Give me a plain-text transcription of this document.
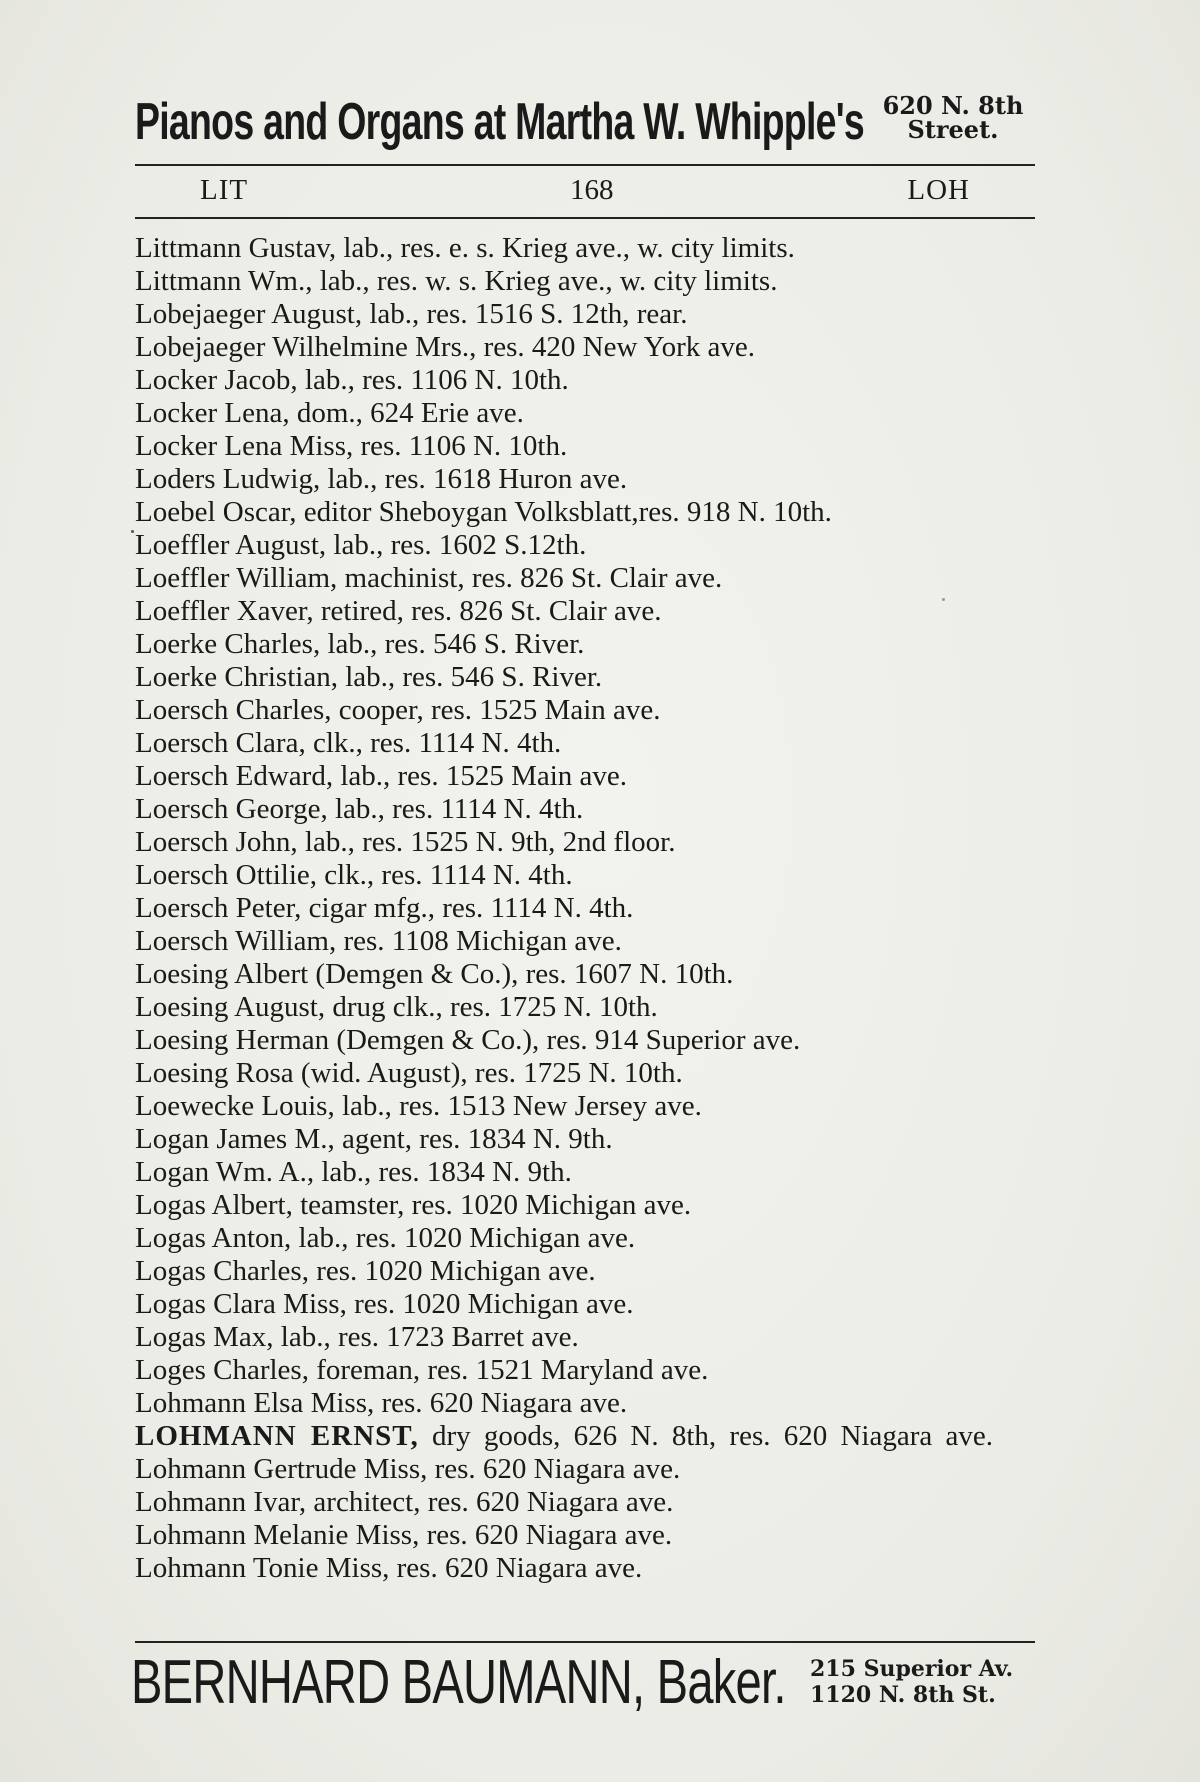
Pianos and Organs at Martha W. Whipple's 620 N. 8th
Street.
LIT	168	LOH
Littmann Gustav, lab., res. e. s. Krieg ave., w. city limits.
Littmann Wm., lab., res. w. s. Krieg ave., w. city limits.
Lobejaeger August, lab., res. 1516 S. 12th, rear.
Lobejaeger Wilhelmine Mrs., res. 420 New York ave.
Locker Jacob, lab., res. 1106 N. 10th.
Locker Lena, dom., 624 Erie ave.
Locker Lena Miss, res. 1106 N. 10th.
Loders Ludwig, lab., res. 1618 Huron ave.
Loebel Oscar, editor Sheboygan Volksblatt,res. 918 N. 10th.
Loeffler August, lab., res. 1602 S.12th.
Loeffler William, machinist, res. 826 St. Clair ave.
Loeffler Xaver, retired, res. 826 St. Clair ave.
Loerke Charles, lab., res. 546 S. River.
Loerke Christian, lab., res. 546 S. River.
Loersch Charles, cooper, res. 1525 Main ave.
Loersch Clara, clk., res. 1114 N. 4th.
Loersch Edward, lab., res. 1525 Main ave.
Loersch George, lab., res. 1114 N. 4th.
Loersch John, lab., res. 1525 N. 9th, 2nd floor.
Loersch Ottilie, clk., res. 1114 N. 4th.
Loersch Peter, cigar mfg., res. 1114 N. 4th.
Loersch William, res. 1108 Michigan ave.
Loesing Albert (Demgen & Co.), res. 1607 N. 10th.
Loesing August, drug clk., res. 1725 N. 10th.
Loesing Herman (Demgen & Co.), res. 914 Superior ave.
Loesing Rosa (wid. August), res. 1725 N. 10th.
Loewecke Louis, lab., res. 1513 New Jersey ave.
Logan James M., agent, res. 1834 N. 9th.
Logan Wm. A., lab., res. 1834 N. 9th.
Logas Albert, teamster, res. 1020 Michigan ave.
Logas Anton, lab., res. 1020 Michigan ave.
Logas Charles, res. 1020 Michigan ave.
Logas Clara Miss, res. 1020 Michigan ave.
Logas Max, lab., res. 1723 Barret ave.
Loges Charles, foreman, res. 1521 Maryland ave.
Lohmann Elsa Miss, res. 620 Niagara ave.
LOHMANN ERNST, dry goods, 626 N. 8th, res. 620 Niagara ave.
Lohmann Gertrude Miss, res. 620 Niagara ave.
Lohmann Ivar, architect, res. 620 Niagara ave.
Lohmann Melanie Miss, res. 620 Niagara ave.
Lohmann Tonie Miss, res. 620 Niagara ave.
BERNHARD BAUMANN, Baker. 215 Superior Av.
1120 N. 8th St.
